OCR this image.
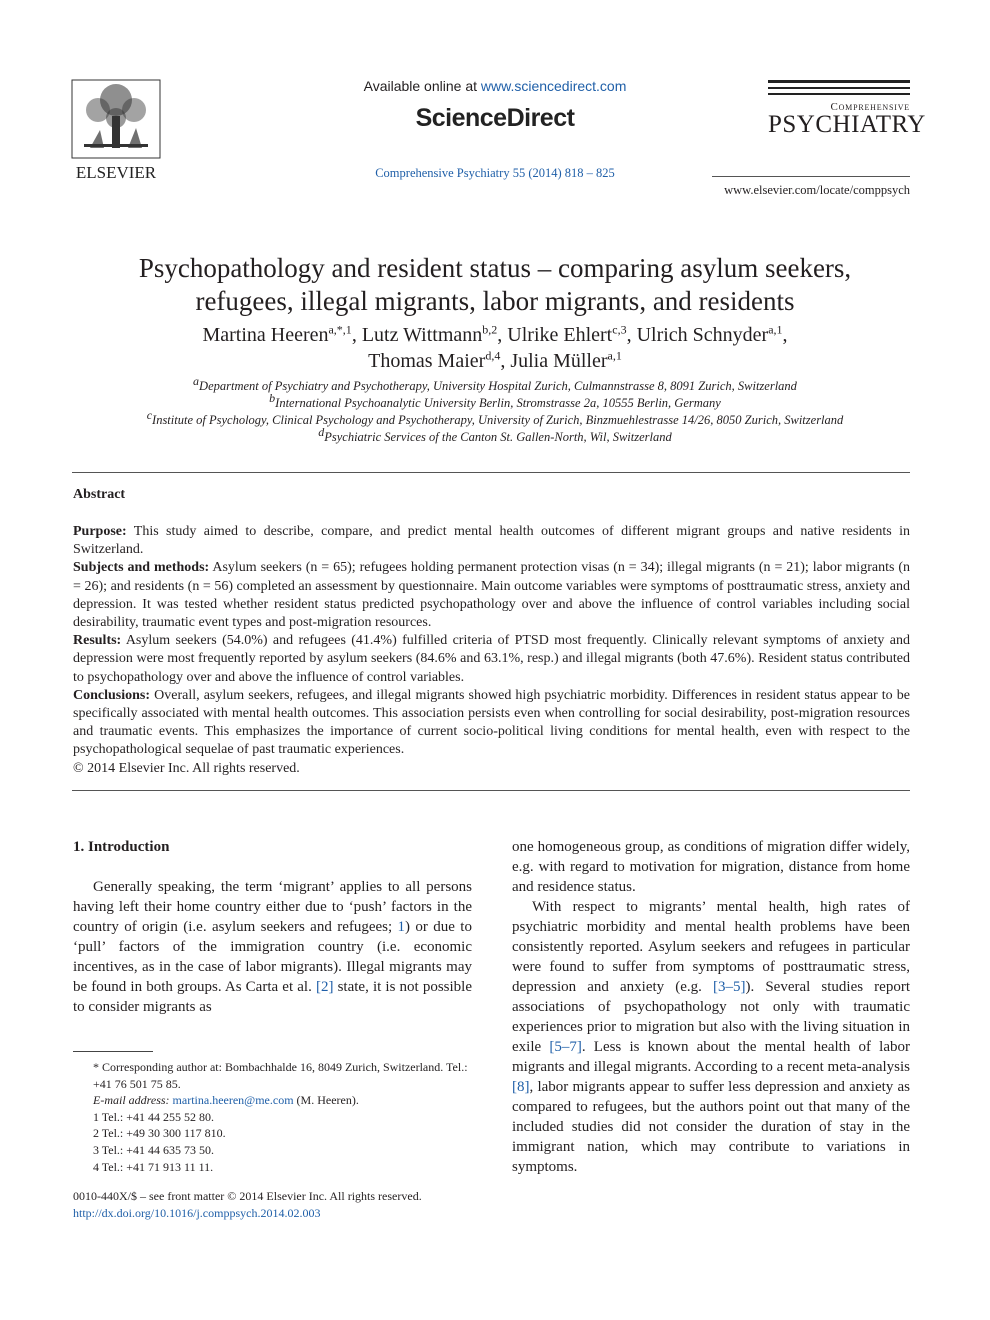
ELSEVIER
Available online at www.sciencedirect.com
ScienceDirect
Comprehensive Psychiatry 55 (2014) 818 – 825
Comprehensive
PSYCHIATRY
www.elsevier.com/locate/comppsych
Psychopathology and resident status – comparing asylum seekers,
refugees, illegal migrants, labor migrants, and residents
Martina Heeren$^{a,*,1}$, Lutz Wittmann$^{b,2}$, Ulrike Ehlert$^{c,3}$, Ulrich Schnyder$^{a,1}$,
Thomas Maier$^{d,4}$, Julia Müller$^{a,1}$
$^a$Department of Psychiatry and Psychotherapy, University Hospital Zurich, Culmannstrasse 8, 8091 Zurich, Switzerland
$^b$International Psychoanalytic University Berlin, Stromstrasse 2a, 10555 Berlin, Germany
$^c$Institute of Psychology, Clinical Psychology and Psychotherapy, University of Zurich, Binzmuehlestrasse 14/26, 8050 Zurich, Switzerland
$^d$Psychiatric Services of the Canton St. Gallen-North, Wil, Switzerland
Abstract

Purpose: This study aimed to describe, compare, and predict mental health outcomes of different migrant groups and native residents in Switzerland.

Subjects and methods: Asylum seekers (n = 65); refugees holding permanent protection visas (n = 34); illegal migrants (n = 21); labor migrants (n = 26); and residents (n = 56) completed an assessment by questionnaire. Main outcome variables were symptoms of posttraumatic stress, anxiety and depression. It was tested whether resident status predicted psychopathology over and above the influence of control variables including social desirability, traumatic event types and post-migration resources.

Results: Asylum seekers (54.0%) and refugees (41.4%) fulfilled criteria of PTSD most frequently. Clinically relevant symptoms of anxiety and depression were most frequently reported by asylum seekers (84.6% and 63.1%, resp.) and illegal migrants (both 47.6%). Resident status contributed to psychopathology over and above the influence of control variables.

Conclusions: Overall, asylum seekers, refugees, and illegal migrants showed high psychiatric morbidity. Differences in resident status appear to be specifically associated with mental health outcomes. This association persists even when controlling for social desirability, post-migration resources and traumatic events. This emphasizes the importance of current socio-political living conditions for mental health, even with respect to the psychopathological sequelae of past traumatic experiences.

© 2014 Elsevier Inc. All rights reserved.

1. Introduction

Generally speaking, the term ‘migrant’ applies to all persons having left their home country either due to ‘push’ factors in the country of origin (i.e. asylum seekers and refugees; 1) or due to ‘pull’ factors of the immigration country (i.e. economic incentives, as in the case of labor migrants). Illegal migrants may be found in both groups. As Carta et al. [2] state, it is not possible to consider migrants as

one homogeneous group, as conditions of migration differ widely, e.g. with regard to motivation for migration, distance from home and residence status.

With respect to migrants’ mental health, high rates of psychiatric morbidity and mental health problems have been consistently reported. Asylum seekers and refugees in particular were found to suffer from symptoms of posttraumatic stress, depression and anxiety (e.g. [3–5]). Several studies report associations of psychopathology not only with traumatic experiences prior to migration but also with the living situation in exile [5–7]. Less is known about the mental health of labor migrants and illegal migrants. According to a recent meta-analysis [8], labor migrants appear to suffer less depression and anxiety as compared to refugees, but the authors point out that many of the included studies did not consider the duration of stay in the immigrant nation, which may contribute to variations in symptoms.

* Corresponding author at: Bombachhalde 16, 8049 Zurich, Switzerland. Tel.: +41 76 501 75 85.

E-mail address: martina.heeren@me.com (M. Heeren).

1 Tel.: +41 44 255 52 80.

2 Tel.: +49 30 300 117 810.

3 Tel.: +41 44 635 73 50.

4 Tel.: +41 71 913 11 11.

0010-440X/$ – see front matter © 2014 Elsevier Inc. All rights reserved.
http://dx.doi.org/10.1016/j.comppsych.2014.02.003
